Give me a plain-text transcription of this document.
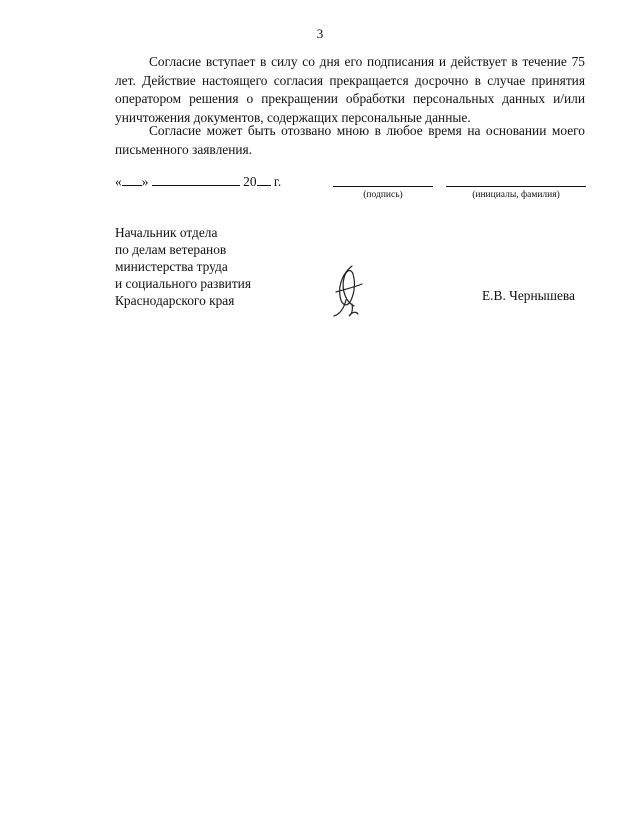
3

Согласие вступает в силу со дня его подписания и действует в течение 75 лет. Действие настоящего согласия прекращается досрочно в случае принятия оператором решения о прекращении обработки персональных данных и/или уничтожения документов, содержащих персональные данные.

Согласие может быть отозвано мною в любое время на основании моего письменного заявления.

« »	20 г.
(подпись)	(инициалы, фамилия)
Начальник отдела
по делам ветеранов
министерства труда
и социального развития
Краснодарского края	Е.В. Чернышева
